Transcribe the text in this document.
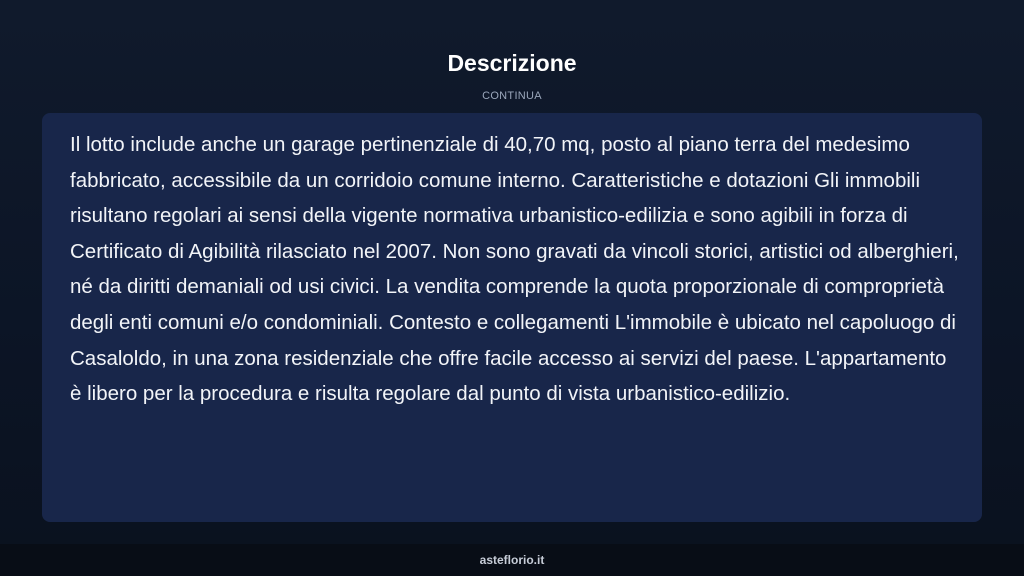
Descrizione
CONTINUA

Il lotto include anche un garage pertinenziale di 40,70 mq, posto al piano terra del medesimo fabbricato, accessibile da un corridoio comune interno. Caratteristiche e dotazioni Gli immobili risultano regolari ai sensi della vigente normativa urbanistico-edilizia e sono agibili in forza di Certificato di Agibilità rilasciato nel 2007. Non sono gravati da vincoli storici, artistici od alberghieri, né da diritti demaniali od usi civici. La vendita comprende la quota proporzionale di comproprietà degli enti comuni e/o condominiali. Contesto e collegamenti L'immobile è ubicato nel capoluogo di Casaloldo, in una zona residenziale che offre facile accesso ai servizi del paese. L'appartamento è libero per la procedura e risulta regolare dal punto di vista urbanistico-edilizio.

asteflorio.it
